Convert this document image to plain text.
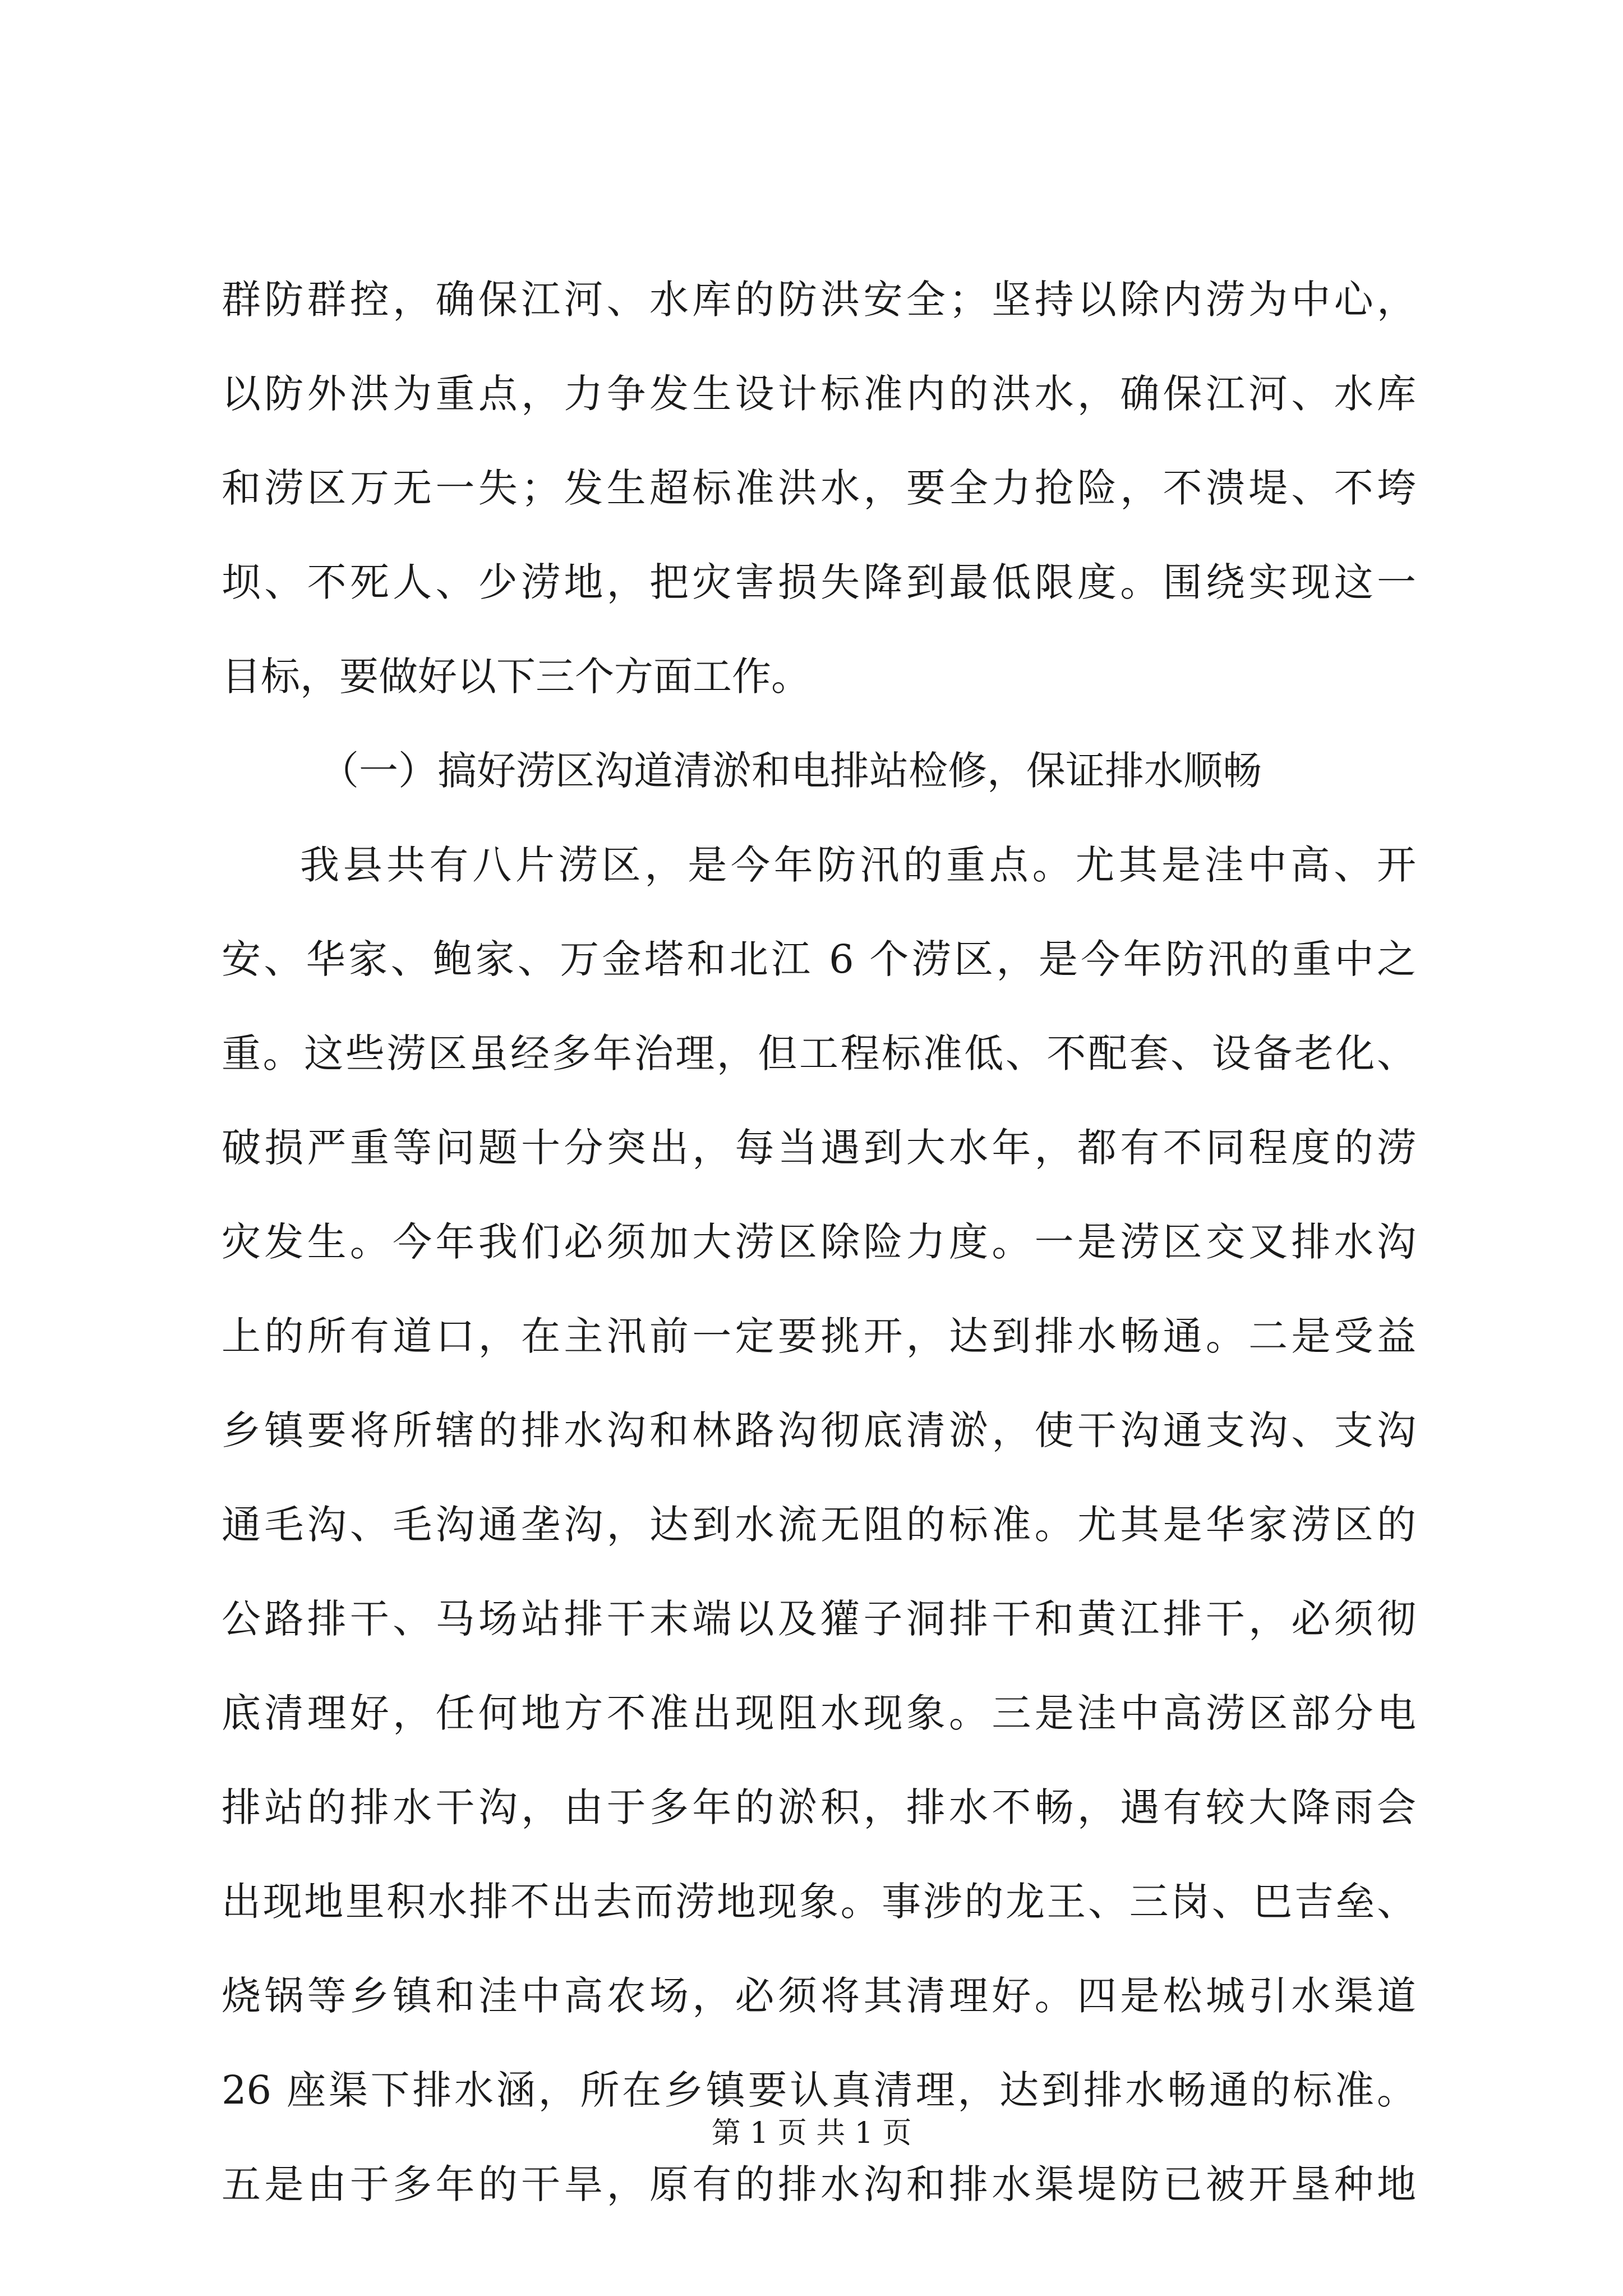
群防群控，确保江河、水库的防洪安全；坚持以除内涝为中心，
以防外洪为重点，力争发生设计标准内的洪水，确保江河、水库
和涝区万无一失；发生超标准洪水，要全力抢险，不溃堤、不垮
坝、不死人、少涝地，把灾害损失降到最低限度。围绕实现这一
目标，要做好以下三个方面工作。
（一）搞好涝区沟道清淤和电排站检修，保证排水顺畅
我县共有八片涝区，是今年防汛的重点。尤其是洼中高、开
安、华家、鲍家、万金塔和北江 6 个涝区，是今年防汛的重中之
重。这些涝区虽经多年治理，但工程标准低、不配套、设备老化、
破损严重等问题十分突出，每当遇到大水年，都有不同程度的涝
灾发生。今年我们必须加大涝区除险力度。一是涝区交叉排水沟
上的所有道口，在主汛前一定要挑开，达到排水畅通。二是受益
乡镇要将所辖的排水沟和林路沟彻底清淤，使干沟通支沟、支沟
通毛沟、毛沟通垄沟，达到水流无阻的标准。尤其是华家涝区的
公路排干、马场站排干末端以及獾子洞排干和黄江排干，必须彻
底清理好，任何地方不准出现阻水现象。三是洼中高涝区部分电
排站的排水干沟，由于多年的淤积，排水不畅，遇有较大降雨会
出现地里积水排不出去而涝地现象。事涉的龙王、三岗、巴吉垒、
烧锅等乡镇和洼中高农场，必须将其清理好。四是松城引水渠道
26 座渠下排水涵，所在乡镇要认真清理，达到排水畅通的标准。
五是由于多年的干旱，原有的排水沟和排水渠堤防已被开垦种地
第 1 页 共 1 页
